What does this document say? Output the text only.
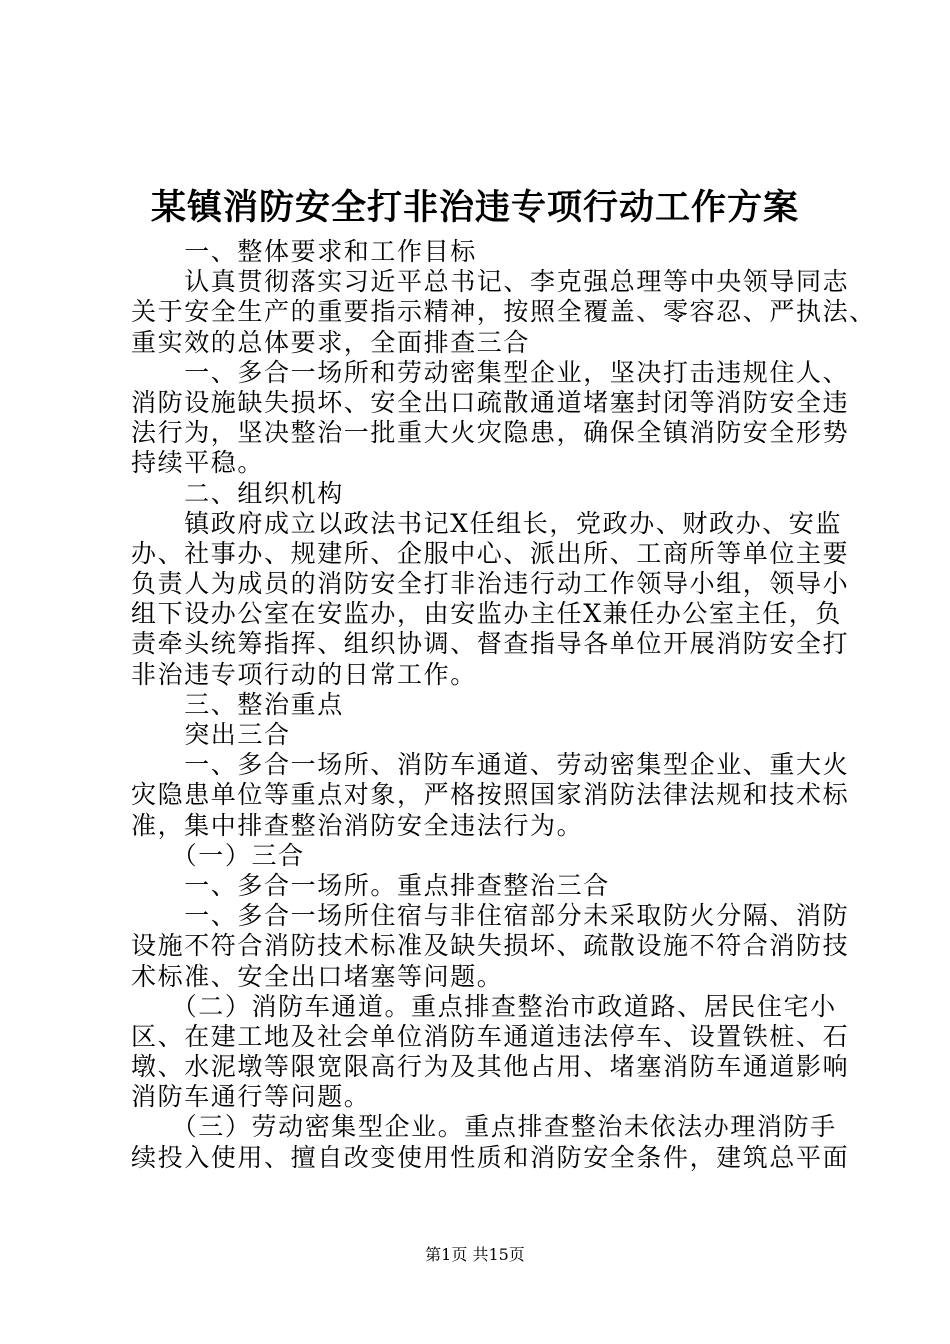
某镇消防安全打非治违专项行动工作方案
　　一、整体要求和工作目标
　　认真贯彻落实习近平总书记、李克强总理等中央领导同志
关于安全生产的重要指示精神，按照全覆盖、零容忍、严执法、
重实效的总体要求，全面排查三合
　　一、多合一场所和劳动密集型企业，坚决打击违规住人、
消防设施缺失损坏、安全出口疏散通道堵塞封闭等消防安全违
法行为，坚决整治一批重大火灾隐患，确保全镇消防安全形势
持续平稳。
　　二、组织机构
　　镇政府成立以政法书记X任组长，党政办、财政办、安监
办、社事办、规建所、企服中心、派出所、工商所等单位主要
负责人为成员的消防安全打非治违行动工作领导小组，领导小
组下设办公室在安监办，由安监办主任X兼任办公室主任，负
责牵头统筹指挥、组织协调、督查指导各单位开展消防安全打
非治违专项行动的日常工作。
　　三、整治重点
　　突出三合
　　一、多合一场所、消防车通道、劳动密集型企业、重大火
灾隐患单位等重点对象，严格按照国家消防法律法规和技术标
准，集中排查整治消防安全违法行为。
　　（一）三合
　　一、多合一场所。重点排查整治三合
　　一、多合一场所住宿与非住宿部分未采取防火分隔、消防
设施不符合消防技术标准及缺失损坏、疏散设施不符合消防技
术标准、安全出口堵塞等问题。
　　（二）消防车通道。重点排查整治市政道路、居民住宅小
区、在建工地及社会单位消防车通道违法停车、设置铁桩、石
墩、水泥墩等限宽限高行为及其他占用、堵塞消防车通道影响
消防车通行等问题。
　　（三）劳动密集型企业。重点排查整治未依法办理消防手
续投入使用、擅自改变使用性质和消防安全条件，建筑总平面
第1页 共15页
